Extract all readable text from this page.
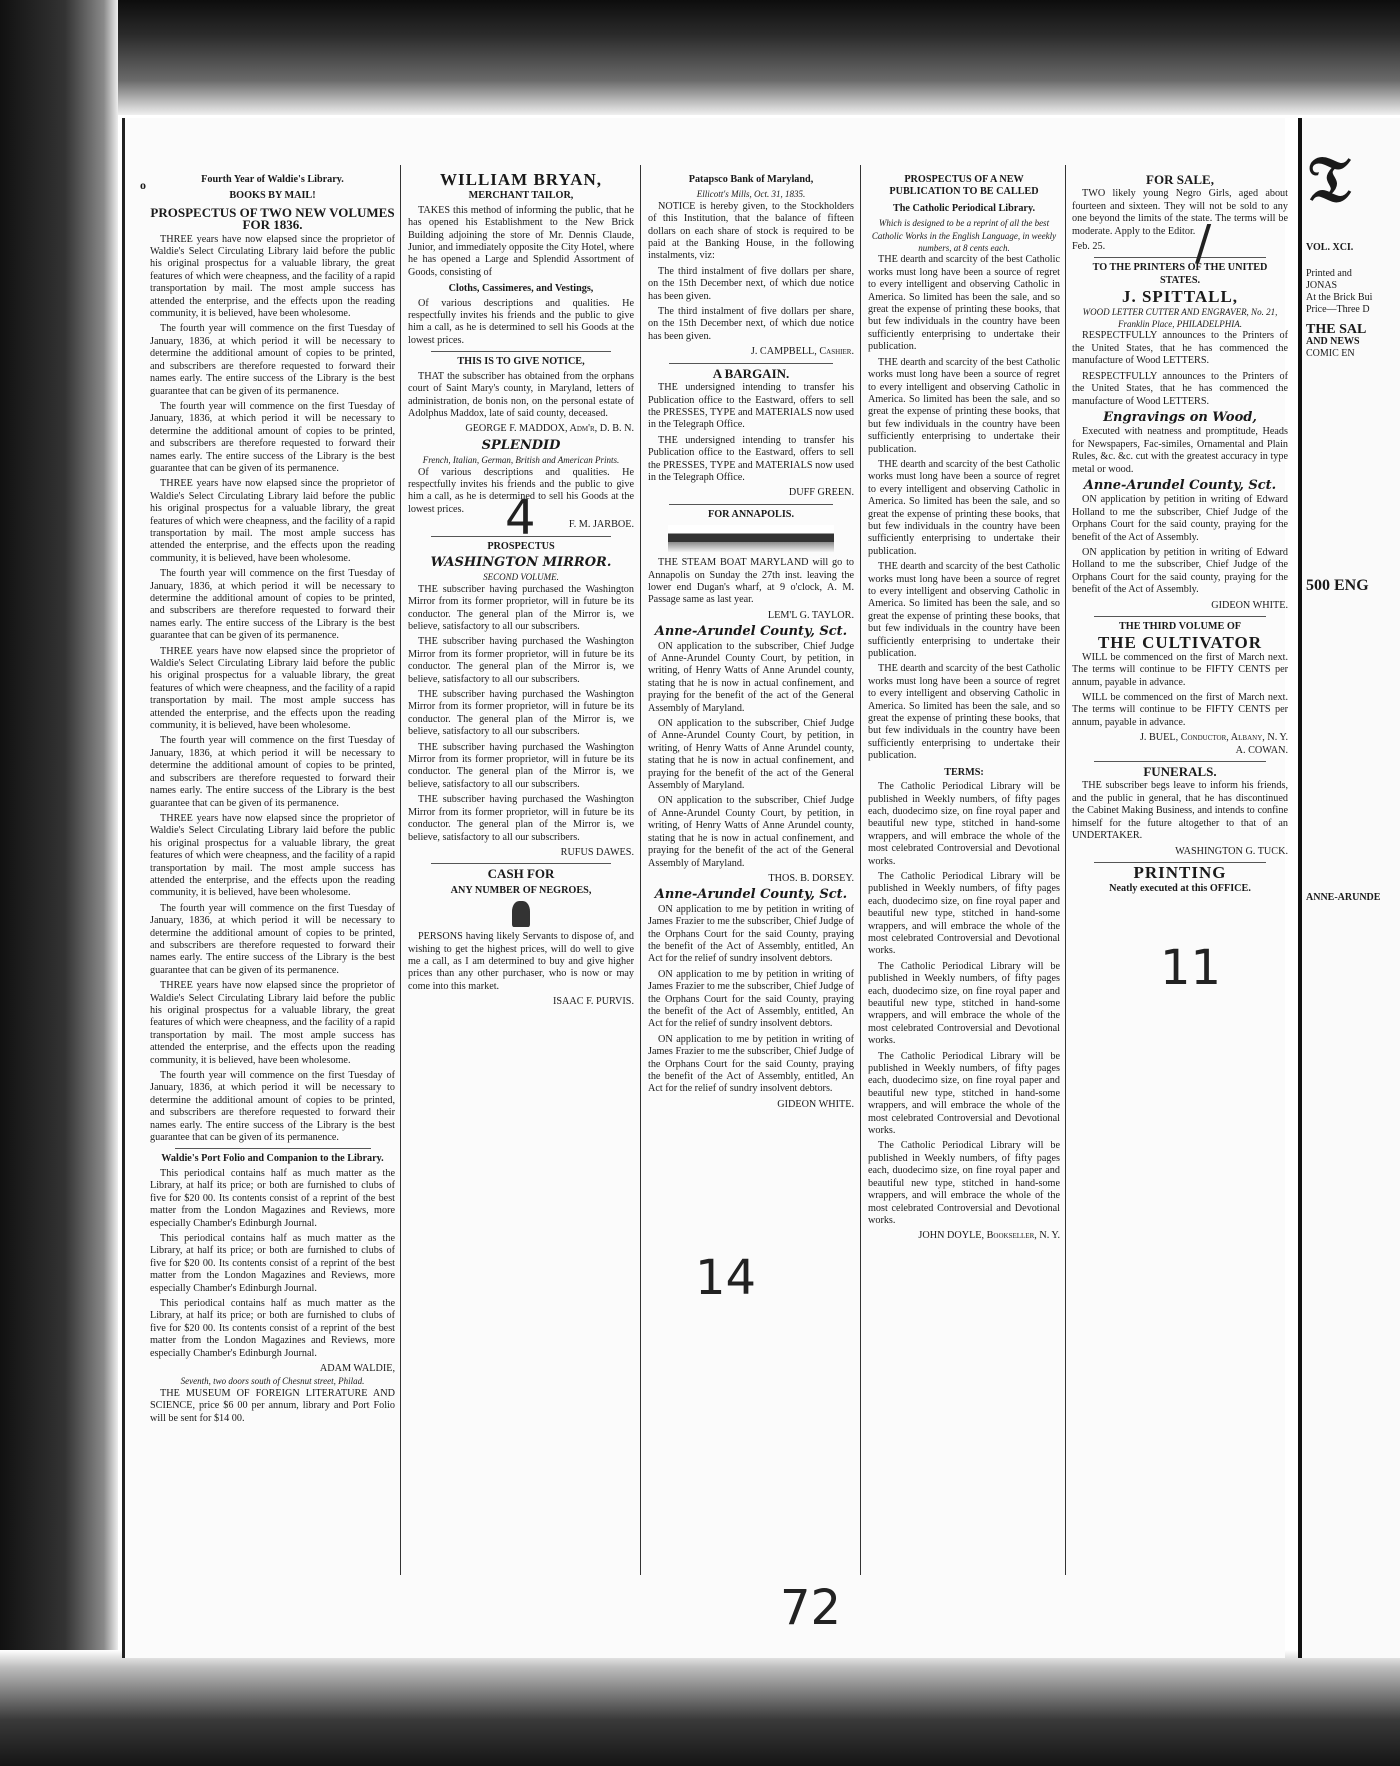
o	Fourth Year of Waldie's Library.
BOOKS BY MAIL!
PROSPECTUS OF TWO NEW VOLUMES FOR 1836.

THREE years have now elapsed since the proprietor of Waldie's Select Circulating Library laid before the public his original prospectus for a valuable library, the great features of which were cheapness, and the facility of a rapid transportation by mail. The most ample success has attended the enterprise, and the effects upon the reading community, it is believed, have been wholesome.

The fourth year will commence on the first Tuesday of January, 1836, at which period it will be necessary to determine the additional amount of copies to be printed, and subscribers are therefore requested to forward their names early. The entire success of the Library is the best guarantee that can be given of its permanence.

The fourth year will commence on the first Tuesday of January, 1836, at which period it will be necessary to determine the additional amount of copies to be printed, and subscribers are therefore requested to forward their names early. The entire success of the Library is the best guarantee that can be given of its permanence.

THREE years have now elapsed since the proprietor of Waldie's Select Circulating Library laid before the public his original prospectus for a valuable library, the great features of which were cheapness, and the facility of a rapid transportation by mail. The most ample success has attended the enterprise, and the effects upon the reading community, it is believed, have been wholesome.

The fourth year will commence on the first Tuesday of January, 1836, at which period it will be necessary to determine the additional amount of copies to be printed, and subscribers are therefore requested to forward their names early. The entire success of the Library is the best guarantee that can be given of its permanence.

THREE years have now elapsed since the proprietor of Waldie's Select Circulating Library laid before the public his original prospectus for a valuable library, the great features of which were cheapness, and the facility of a rapid transportation by mail. The most ample success has attended the enterprise, and the effects upon the reading community, it is believed, have been wholesome.

The fourth year will commence on the first Tuesday of January, 1836, at which period it will be necessary to determine the additional amount of copies to be printed, and subscribers are therefore requested to forward their names early. The entire success of the Library is the best guarantee that can be given of its permanence.

THREE years have now elapsed since the proprietor of Waldie's Select Circulating Library laid before the public his original prospectus for a valuable library, the great features of which were cheapness, and the facility of a rapid transportation by mail. The most ample success has attended the enterprise, and the effects upon the reading community, it is believed, have been wholesome.

The fourth year will commence on the first Tuesday of January, 1836, at which period it will be necessary to determine the additional amount of copies to be printed, and subscribers are therefore requested to forward their names early. The entire success of the Library is the best guarantee that can be given of its permanence.

THREE years have now elapsed since the proprietor of Waldie's Select Circulating Library laid before the public his original prospectus for a valuable library, the great features of which were cheapness, and the facility of a rapid transportation by mail. The most ample success has attended the enterprise, and the effects upon the reading community, it is believed, have been wholesome.

The fourth year will commence on the first Tuesday of January, 1836, at which period it will be necessary to determine the additional amount of copies to be printed, and subscribers are therefore requested to forward their names early. The entire success of the Library is the best guarantee that can be given of its permanence.

Waldie's Port Folio and Companion to the Library.

This periodical contains half as much matter as the Library, at half its price; or both are furnished to clubs of five for $20 00. Its contents consist of a reprint of the best matter from the London Magazines and Reviews, more especially Chamber's Edinburgh Journal.

This periodical contains half as much matter as the Library, at half its price; or both are furnished to clubs of five for $20 00. Its contents consist of a reprint of the best matter from the London Magazines and Reviews, more especially Chamber's Edinburgh Journal.

This periodical contains half as much matter as the Library, at half its price; or both are furnished to clubs of five for $20 00. Its contents consist of a reprint of the best matter from the London Magazines and Reviews, more especially Chamber's Edinburgh Journal.

ADAM WALDIE,
Seventh, two doors south of Chesnut street, Philad.

THE MUSEUM OF FOREIGN LITERATURE AND SCIENCE, price $6 00 per annum, library and Port Folio will be sent for $14 00.

WILLIAM BRYAN,
MERCHANT TAILOR,

TAKES this method of informing the public, that he has opened his Establishment to the New Brick Building adjoining the store of Mr. Dennis Claude, Junior, and immediately opposite the City Hotel, where he has opened a Large and Splendid Assortment of Goods, consisting of

Cloths, Cassimeres, and Vestings,

Of various descriptions and qualities. He respectfully invites his friends and the public to give him a call, as he is determined to sell his Goods at the lowest prices.

THIS IS TO GIVE NOTICE,

THAT the subscriber has obtained from the orphans court of Saint Mary's county, in Maryland, letters of administration, de bonis non, on the personal estate of Adolphus Maddox, late of said county, deceased.

GEORGE F. MADDOX, Adm'r, D. B. N.
SPLENDID
French, Italian, German, British and American Prints.

Of various descriptions and qualities. He respectfully invites his friends and the public to give him a call, as he is determined to sell his Goods at the lowest prices.

F. M. JARBOE.
PROSPECTUS
WASHINGTON MIRROR.
SECOND VOLUME.

THE subscriber having purchased the Washington Mirror from its former proprietor, will in future be its conductor. The general plan of the Mirror is, we believe, satisfactory to all our subscribers.

THE subscriber having purchased the Washington Mirror from its former proprietor, will in future be its conductor. The general plan of the Mirror is, we believe, satisfactory to all our subscribers.

THE subscriber having purchased the Washington Mirror from its former proprietor, will in future be its conductor. The general plan of the Mirror is, we believe, satisfactory to all our subscribers.

THE subscriber having purchased the Washington Mirror from its former proprietor, will in future be its conductor. The general plan of the Mirror is, we believe, satisfactory to all our subscribers.

THE subscriber having purchased the Washington Mirror from its former proprietor, will in future be its conductor. The general plan of the Mirror is, we believe, satisfactory to all our subscribers.

RUFUS DAWES.
CASH FOR
ANY NUMBER OF NEGROES,

PERSONS having likely Servants to dispose of, and wishing to get the highest prices, will do well to give me a call, as I am determined to buy and give higher prices than any other purchaser, who is now or may come into this market.

ISAAC F. PURVIS.
Patapsco Bank of Maryland,
Ellicott's Mills, Oct. 31, 1835.

NOTICE is hereby given, to the Stockholders of this Institution, that the balance of fifteen dollars on each share of stock is required to be paid at the Banking House, in the following instalments, viz:

The third instalment of five dollars per share, on the 15th December next, of which due notice has been given.

The third instalment of five dollars per share, on the 15th December next, of which due notice has been given.

J. CAMPBELL, Cashier.
A BARGAIN.

THE undersigned intending to transfer his Publication office to the Eastward, offers to sell the PRESSES, TYPE and MATERIALS now used in the Telegraph Office.

THE undersigned intending to transfer his Publication office to the Eastward, offers to sell the PRESSES, TYPE and MATERIALS now used in the Telegraph Office.

DUFF GREEN.
FOR ANNAPOLIS.

THE STEAM BOAT MARYLAND will go to Annapolis on Sunday the 27th inst. leaving the lower end Dugan's wharf, at 9 o'clock, A. M. Passage same as last year.

LEM'L G. TAYLOR.
Anne-Arundel County, Sct.

ON application to the subscriber, Chief Judge of Anne-Arundel County Court, by petition, in writing, of Henry Watts of Anne Arundel county, stating that he is now in actual confinement, and praying for the benefit of the act of the General Assembly of Maryland.

ON application to the subscriber, Chief Judge of Anne-Arundel County Court, by petition, in writing, of Henry Watts of Anne Arundel county, stating that he is now in actual confinement, and praying for the benefit of the act of the General Assembly of Maryland.

ON application to the subscriber, Chief Judge of Anne-Arundel County Court, by petition, in writing, of Henry Watts of Anne Arundel county, stating that he is now in actual confinement, and praying for the benefit of the act of the General Assembly of Maryland.

THOS. B. DORSEY.
Anne-Arundel County, Sct.

ON application to me by petition in writing of James Frazier to me the subscriber, Chief Judge of the Orphans Court for the said County, praying the benefit of the Act of Assembly, entitled, An Act for the relief of sundry insolvent debtors.

ON application to me by petition in writing of James Frazier to me the subscriber, Chief Judge of the Orphans Court for the said County, praying the benefit of the Act of Assembly, entitled, An Act for the relief of sundry insolvent debtors.

ON application to me by petition in writing of James Frazier to me the subscriber, Chief Judge of the Orphans Court for the said County, praying the benefit of the Act of Assembly, entitled, An Act for the relief of sundry insolvent debtors.

GIDEON WHITE.
PROSPECTUS OF A NEW PUBLICATION TO BE CALLED
The Catholic Periodical Library.
Which is designed to be a reprint of all the best Catholic Works in the English Language, in weekly numbers, at 8 cents each.

THE dearth and scarcity of the best Catholic works must long have been a source of regret to every intelligent and observing Catholic in America. So limited has been the sale, and so great the expense of printing these books, that but few individuals in the country have been sufficiently enterprising to undertake their publication.

THE dearth and scarcity of the best Catholic works must long have been a source of regret to every intelligent and observing Catholic in America. So limited has been the sale, and so great the expense of printing these books, that but few individuals in the country have been sufficiently enterprising to undertake their publication.

THE dearth and scarcity of the best Catholic works must long have been a source of regret to every intelligent and observing Catholic in America. So limited has been the sale, and so great the expense of printing these books, that but few individuals in the country have been sufficiently enterprising to undertake their publication.

THE dearth and scarcity of the best Catholic works must long have been a source of regret to every intelligent and observing Catholic in America. So limited has been the sale, and so great the expense of printing these books, that but few individuals in the country have been sufficiently enterprising to undertake their publication.

THE dearth and scarcity of the best Catholic works must long have been a source of regret to every intelligent and observing Catholic in America. So limited has been the sale, and so great the expense of printing these books, that but few individuals in the country have been sufficiently enterprising to undertake their publication.

TERMS:

The Catholic Periodical Library will be published in Weekly numbers, of fifty pages each, duodecimo size, on fine royal paper and beautiful new type, stitched in hand-some wrappers, and will embrace the whole of the most celebrated Controversial and Devotional works.

The Catholic Periodical Library will be published in Weekly numbers, of fifty pages each, duodecimo size, on fine royal paper and beautiful new type, stitched in hand-some wrappers, and will embrace the whole of the most celebrated Controversial and Devotional works.

The Catholic Periodical Library will be published in Weekly numbers, of fifty pages each, duodecimo size, on fine royal paper and beautiful new type, stitched in hand-some wrappers, and will embrace the whole of the most celebrated Controversial and Devotional works.

The Catholic Periodical Library will be published in Weekly numbers, of fifty pages each, duodecimo size, on fine royal paper and beautiful new type, stitched in hand-some wrappers, and will embrace the whole of the most celebrated Controversial and Devotional works.

The Catholic Periodical Library will be published in Weekly numbers, of fifty pages each, duodecimo size, on fine royal paper and beautiful new type, stitched in hand-some wrappers, and will embrace the whole of the most celebrated Controversial and Devotional works.

JOHN DOYLE, Bookseller, N. Y.
FOR SALE,

TWO likely young Negro Girls, aged about fourteen and sixteen. They will not be sold to any one beyond the limits of the state. The terms will be moderate. Apply to the Editor.

Feb. 25.
TO THE PRINTERS OF THE UNITED STATES.
J. SPITTALL,
WOOD LETTER CUTTER AND ENGRAVER, No. 21, Franklin Place, PHILADELPHIA.

RESPECTFULLY announces to the Printers of the United States, that he has commenced the manufacture of Wood LETTERS.

RESPECTFULLY announces to the Printers of the United States, that he has commenced the manufacture of Wood LETTERS.

Engravings on Wood,

Executed with neatness and promptitude, Heads for Newspapers, Fac-similes, Ornamental and Plain Rules, &c. &c. cut with the greatest accuracy in type metal or wood.

Anne-Arundel County, Sct.

ON application by petition in writing of Edward Holland to me the subscriber, Chief Judge of the Orphans Court for the said county, praying for the benefit of the Act of Assembly.

ON application by petition in writing of Edward Holland to me the subscriber, Chief Judge of the Orphans Court for the said county, praying for the benefit of the Act of Assembly.

GIDEON WHITE.
THE THIRD VOLUME OF
THE CULTIVATOR

WILL be commenced on the first of March next. The terms will continue to be FIFTY CENTS per annum, payable in advance.

WILL be commenced on the first of March next. The terms will continue to be FIFTY CENTS per annum, payable in advance.

J. BUEL, Conductor, Albany, N. Y.
A. COWAN.
FUNERALS.

THE subscriber begs leave to inform his friends, and the public in general, that he has discontinued the Cabinet Making Business, and intends to confine himself for the future altogether to that of an UNDERTAKER.

WASHINGTON G. TUCK.
PRINTING
Neatly executed at this OFFICE.
𝔗
VOL. XCI.
Printed and
JONAS
At the Brick Bui
Price—Three D
THE SAL
AND NEWS
COMIC EN
500 ENG
ANNE-ARUNDE
/
4
11
14
72
